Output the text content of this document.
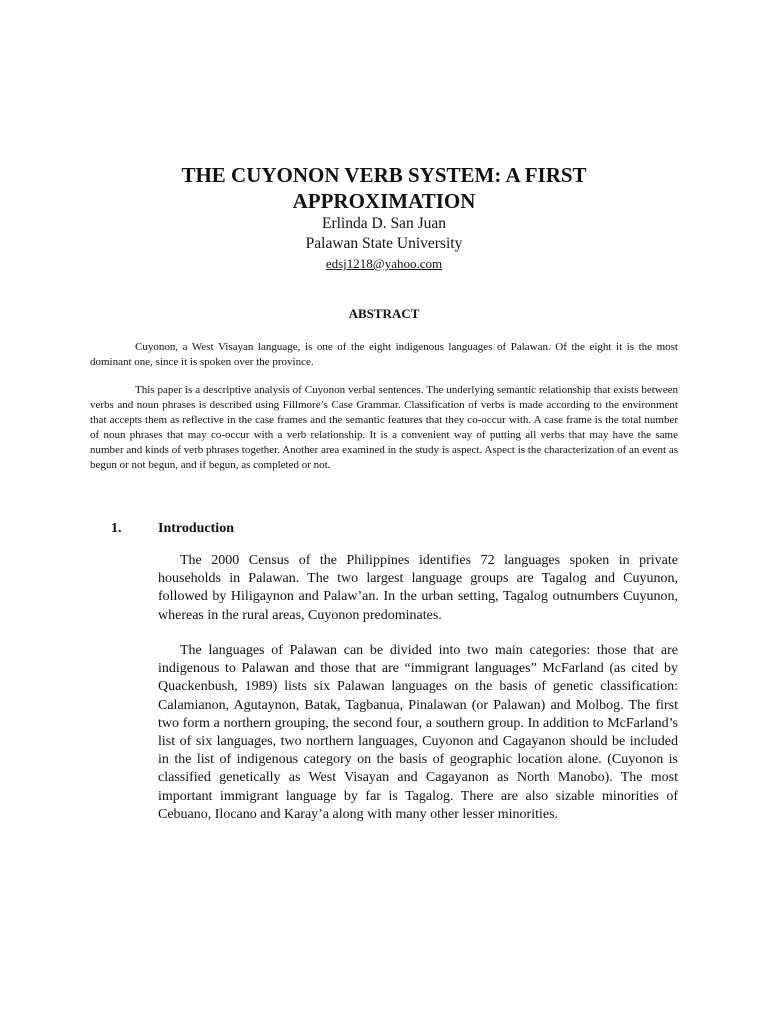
THE CUYONON VERB SYSTEM: A FIRST APPROXIMATION

Erlinda D. San Juan

Palawan State University

edsj1218@yahoo.com
ABSTRACT

Cuyonon, a West Visayan language, is one of the eight indigenous languages of Palawan. Of the eight it is the most dominant one, since it is spoken over the province.

This paper is a descriptive analysis of Cuyonon verbal sentences. The underlying semantic relationship that exists between verbs and noun phrases is described using Fillmore’s Case Grammar. Classification of verbs is made according to the environment that accepts them as reflective in the case frames and the semantic features that they co-occur with. A case frame is the total number of noun phrases that may co-occur with a verb relationship. It is a convenient way of putting all verbs that may have the same number and kinds of verb phrases together. Another area examined in the study is aspect. Aspect is the characterization of an event as begun or not begun, and if begun, as completed or not.

1.	Introduction

The 2000 Census of the Philippines identifies 72 languages spoken in private households in Palawan. The two largest language groups are Tagalog and Cuyunon, followed by Hiligaynon and Palaw’an. In the urban setting, Tagalog outnumbers Cuyunon, whereas in the rural areas, Cuyonon predominates.

The languages of Palawan can be divided into two main categories: those that are indigenous to Palawan and those that are “immigrant languages” McFarland (as cited by Quackenbush, 1989) lists six Palawan languages on the basis of genetic classification: Calamianon, Agutaynon, Batak, Tagbanua, Pinalawan (or Palawan) and Molbog. The first two form a northern grouping, the second four, a southern group. In addition to McFarland’s list of six languages, two northern languages, Cuyonon and Cagayanon should be included in the list of indigenous category on the basis of geographic location alone. (Cuyonon is classified genetically as West Visayan and Cagayanon as North Manobo). The most important immigrant language by far is Tagalog. There are also sizable minorities of Cebuano, Ilocano and Karay’a along with many other lesser minorities.
